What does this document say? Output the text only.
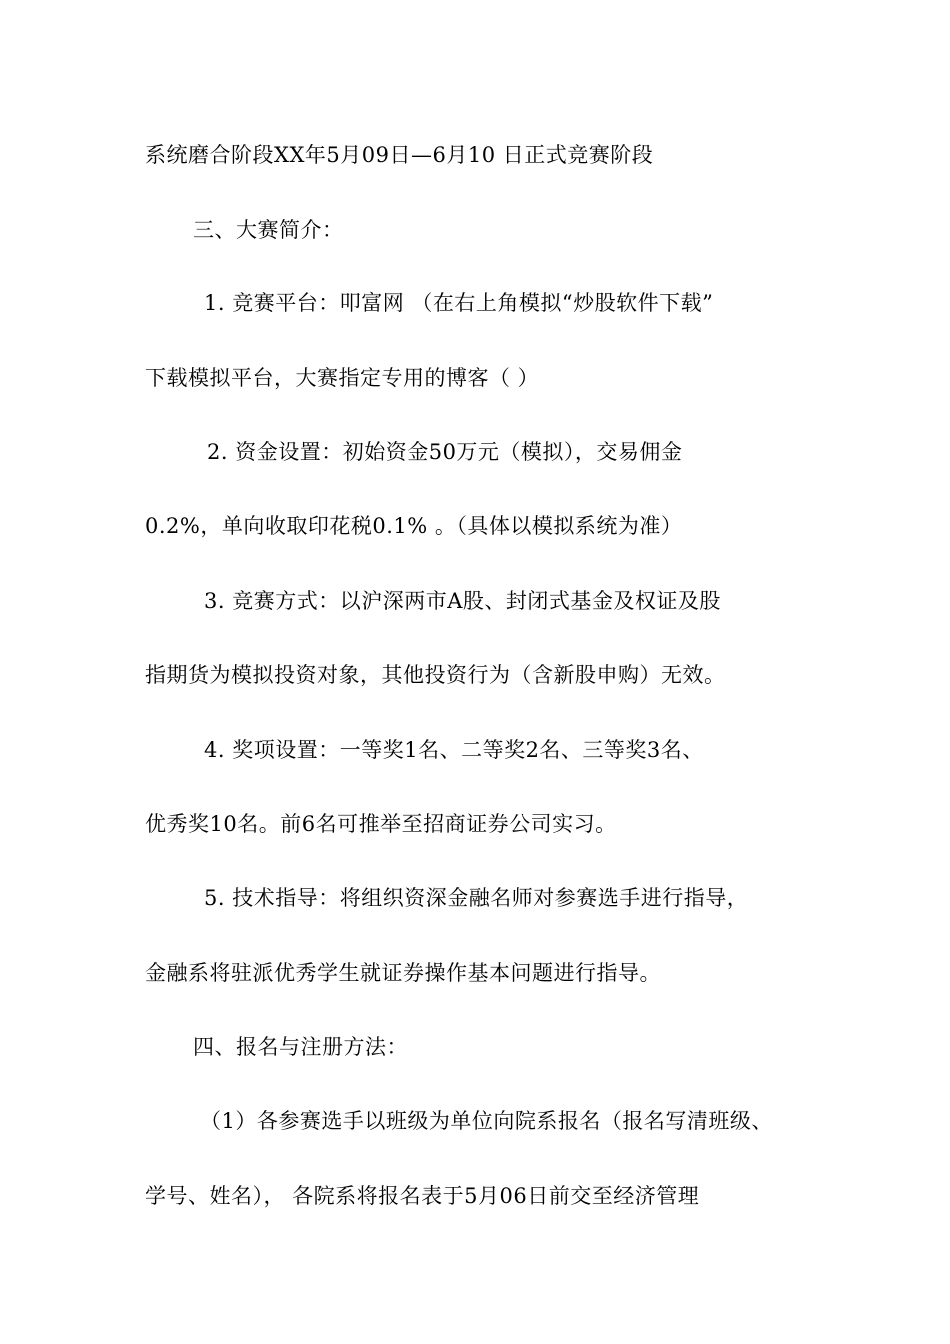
系统磨合阶段XX年5月09日—6月10 日正式竞赛阶段
三、大赛简介：
1. 竞赛平台：叩富网 （在右上角模拟“炒股软件下载”
下载模拟平台，大赛指定专用的博客（ ）
2. 资金设置：初始资金50万元（模拟），交易佣金
0.2%，单向收取印花税0.1% 。（具体以模拟系统为准）
3. 竞赛方式：以沪深两市A股、封闭式基金及权证及股
指期货为模拟投资对象，其他投资行为（含新股申购）无效。
4. 奖项设置：一等奖1名、二等奖2名、三等奖3名、
优秀奖10名。前6名可推举至招商证券公司实习。
5. 技术指导：将组织资深金融名师对参赛选手进行指导，
金融系将驻派优秀学生就证券操作基本问题进行指导。
四、报名与注册方法：
（1）各参赛选手以班级为单位向院系报名（报名写清班级、
学号、姓名）， 各院系将报名表于5月06日前交至经济管理
